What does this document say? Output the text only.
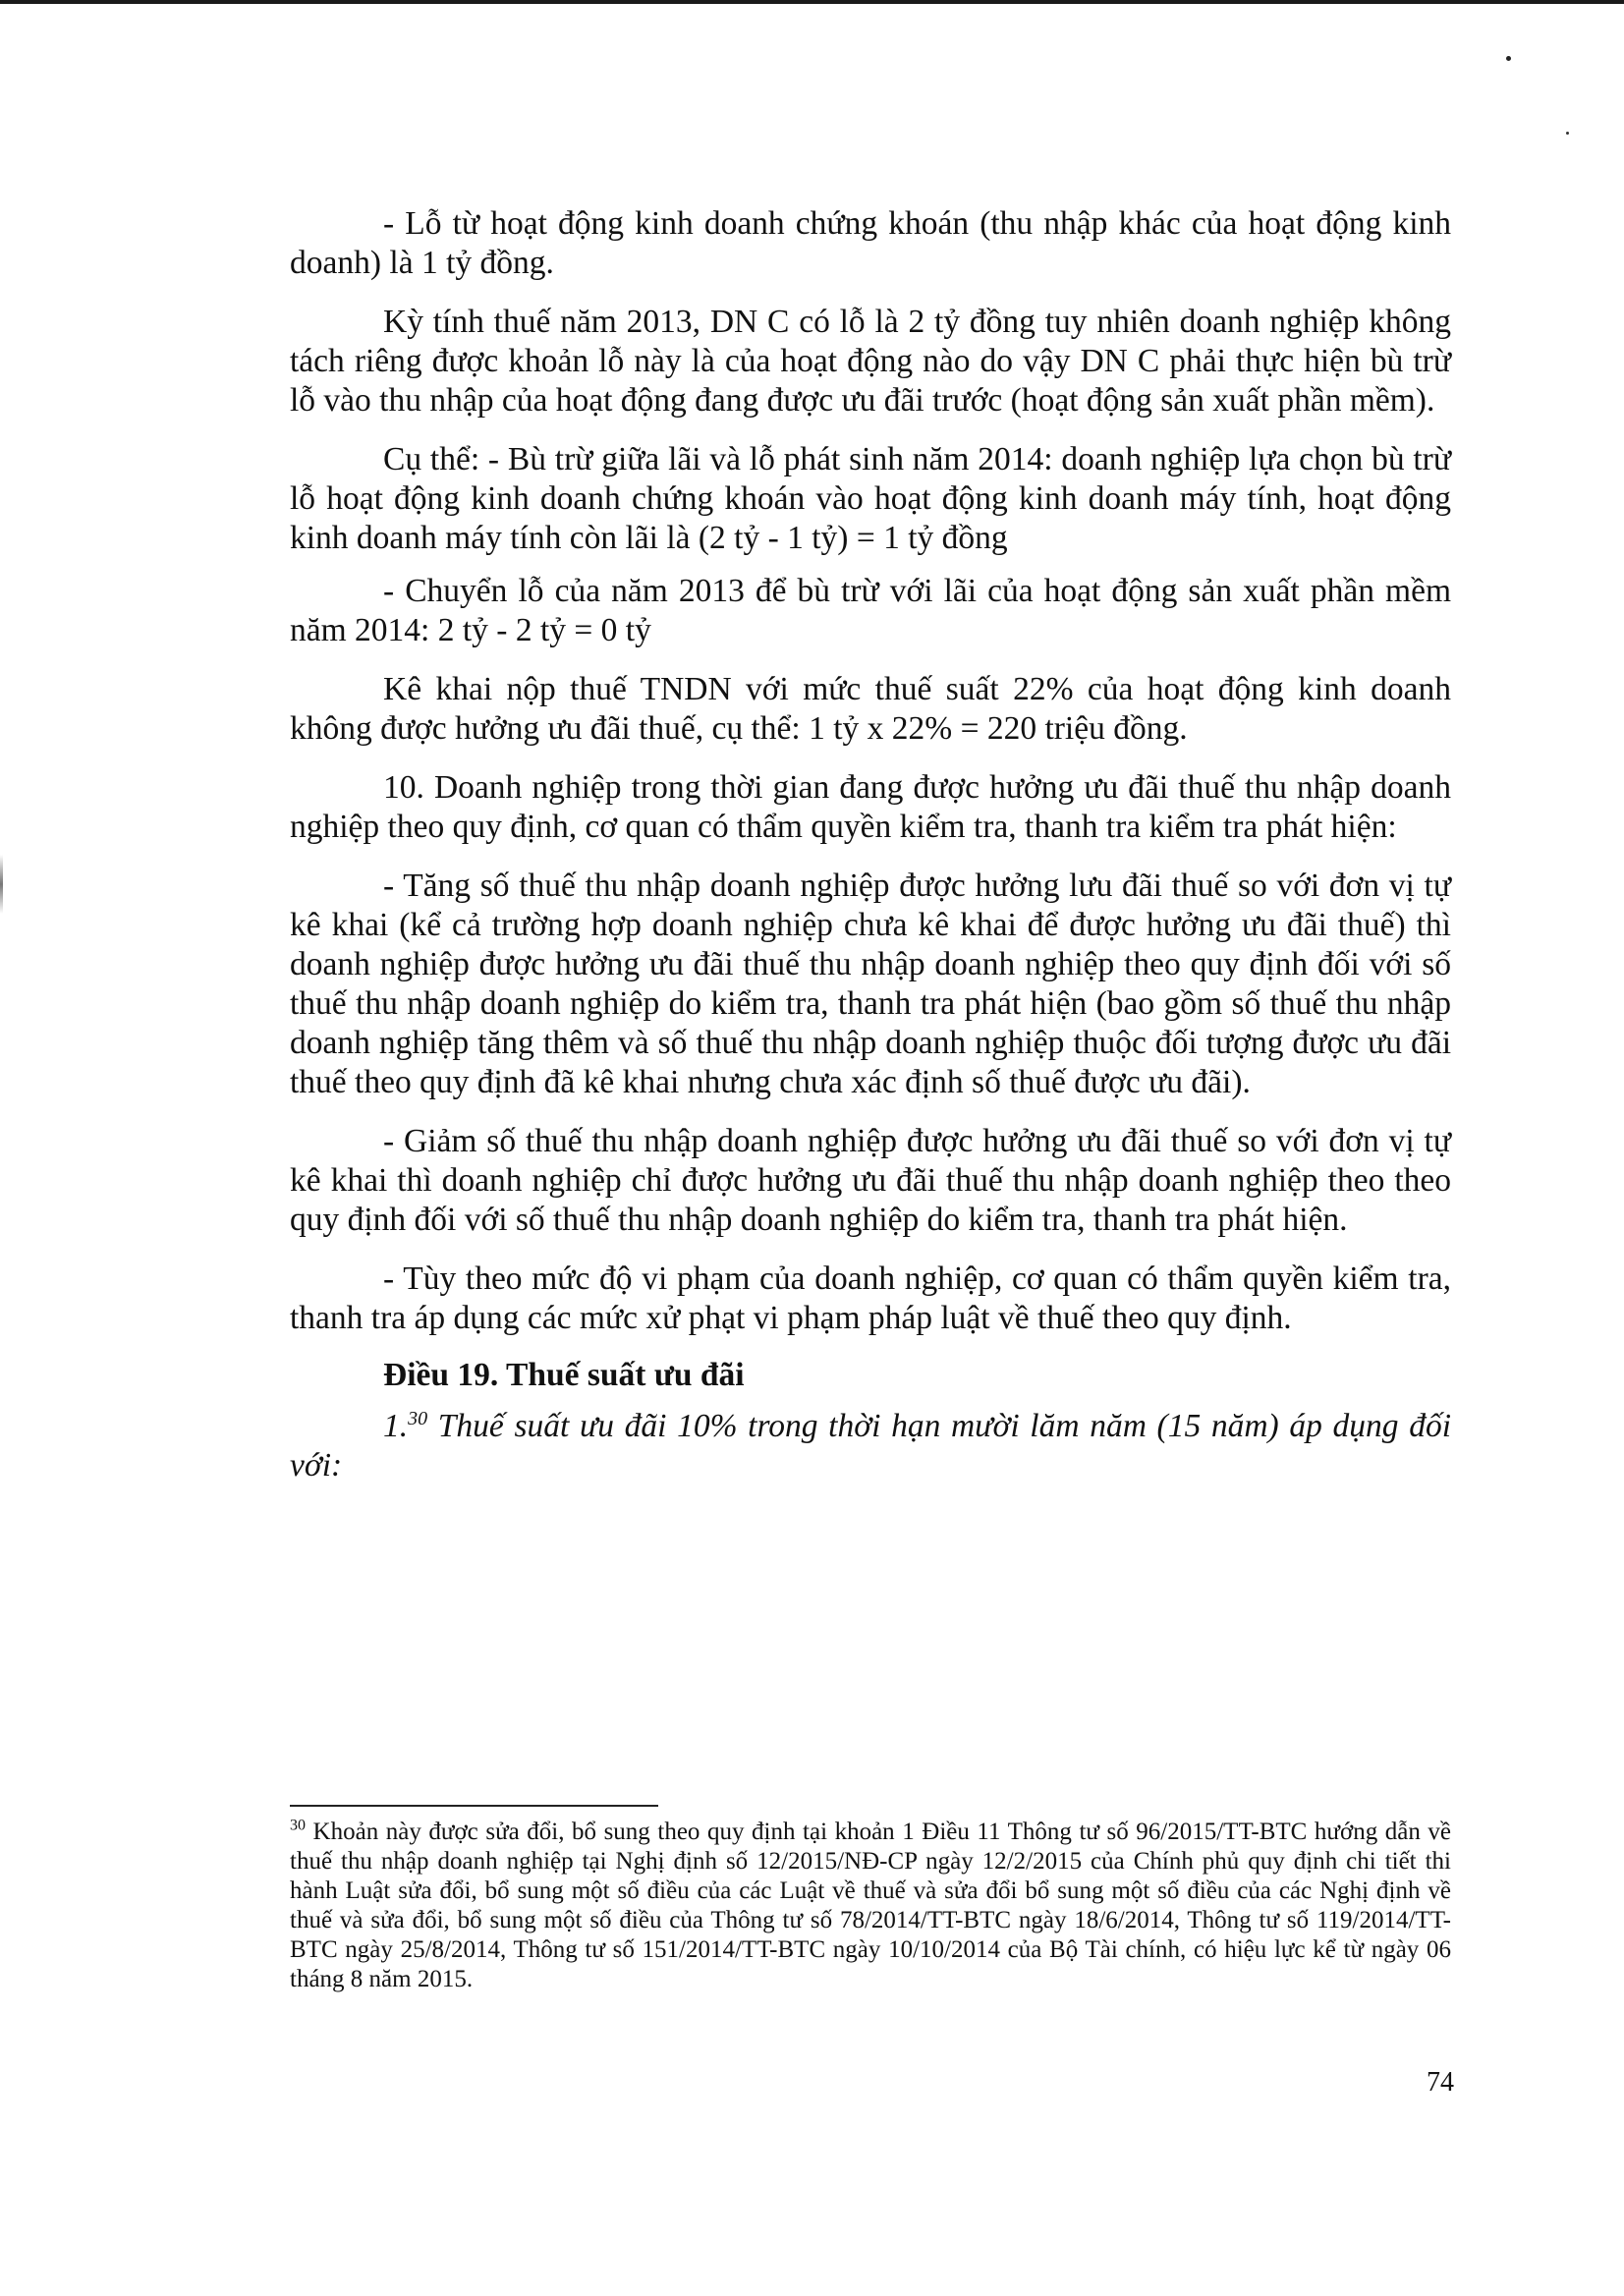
- Lỗ từ hoạt động kinh doanh chứng khoán (thu nhập khác của hoạt động kinh doanh) là 1 tỷ đồng.

Kỳ tính thuế năm 2013, DN C có lỗ là 2 tỷ đồng tuy nhiên doanh nghiệp không tách riêng được khoản lỗ này là của hoạt động nào do vậy DN C phải thực hiện bù trừ lỗ vào thu nhập của hoạt động đang được ưu đãi trước (hoạt động sản xuất phần mềm).

Cụ thể: - Bù trừ giữa lãi và lỗ phát sinh năm 2014: doanh nghiệp lựa chọn bù trừ lỗ hoạt động kinh doanh chứng khoán vào hoạt động kinh doanh máy tính, hoạt động kinh doanh máy tính còn lãi là (2 tỷ - 1 tỷ) = 1 tỷ đồng

- Chuyển lỗ của năm 2013 để bù trừ với lãi của hoạt động sản xuất phần mềm năm 2014: 2 tỷ - 2 tỷ = 0 tỷ

Kê khai nộp thuế TNDN với mức thuế suất 22% của hoạt động kinh doanh không được hưởng ưu đãi thuế, cụ thể: 1 tỷ x 22% = 220 triệu đồng.

10. Doanh nghiệp trong thời gian đang được hưởng ưu đãi thuế thu nhập doanh nghiệp theo quy định, cơ quan có thẩm quyền kiểm tra, thanh tra kiểm tra phát hiện:

- Tăng số thuế thu nhập doanh nghiệp được hưởng lưu đãi thuế so với đơn vị tự kê khai (kể cả trường hợp doanh nghiệp chưa kê khai để được hưởng ưu đãi thuế) thì doanh nghiệp được hưởng ưu đãi thuế thu nhập doanh nghiệp theo quy định đối với số thuế thu nhập doanh nghiệp do kiểm tra, thanh tra phát hiện (bao gồm số thuế thu nhập doanh nghiệp tăng thêm và số thuế thu nhập doanh nghiệp thuộc đối tượng được ưu đãi thuế theo quy định đã kê khai nhưng chưa xác định số thuế được ưu đãi).

- Giảm số thuế thu nhập doanh nghiệp được hưởng ưu đãi thuế so với đơn vị tự kê khai thì doanh nghiệp chỉ được hưởng ưu đãi thuế thu nhập doanh nghiệp theo theo quy định đối với số thuế thu nhập doanh nghiệp do kiểm tra, thanh tra phát hiện.

- Tùy theo mức độ vi phạm của doanh nghiệp, cơ quan có thẩm quyền kiểm tra, thanh tra áp dụng các mức xử phạt vi phạm pháp luật về thuế theo quy định.

Điều 19. Thuế suất ưu đãi

1.30 Thuế suất ưu đãi 10% trong thời hạn mười lăm năm (15 năm) áp dụng đối với:

$^{30}$ Khoản này được sửa đổi, bổ sung theo quy định tại khoản 1 Điều 11 Thông tư số 96/2015/TT-BTC hướng dẫn về thuế thu nhập doanh nghiệp tại Nghị định số 12/2015/NĐ-CP ngày 12/2/2015 của Chính phủ quy định chi tiết thi hành Luật sửa đổi, bổ sung một số điều của các Luật về thuế và sửa đổi bổ sung một số điều của các Nghị định về thuế và sửa đổi, bổ sung một số điều của Thông tư số 78/2014/TT-BTC ngày 18/6/2014, Thông tư số 119/2014/TT-BTC ngày 25/8/2014, Thông tư số 151/2014/TT-BTC ngày 10/10/2014 của Bộ Tài chính, có hiệu lực kể từ ngày 06 tháng 8 năm 2015.

74
